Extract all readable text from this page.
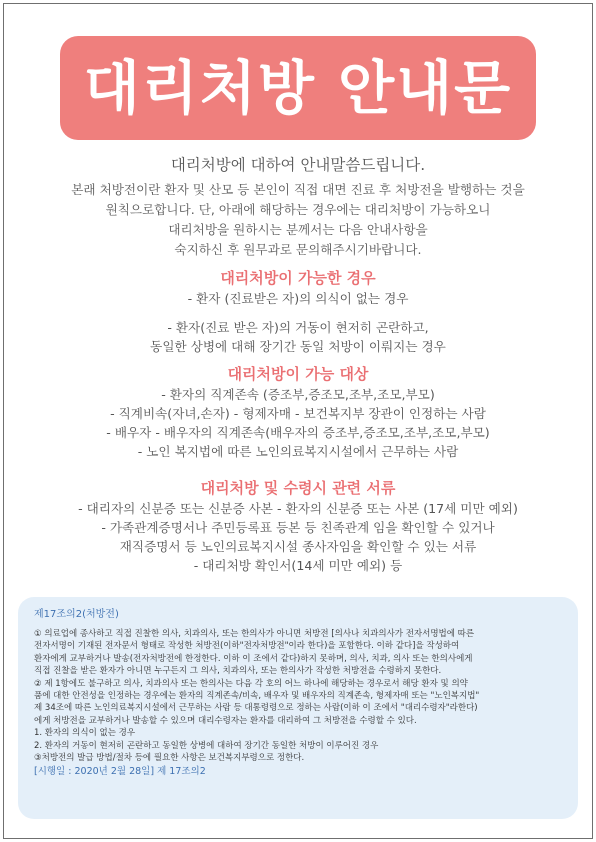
대리처방 안내문
대리처방에 대하여 안내말씀드립니다.
본래 처방전이란 환자 및 산모 등 본인이 직접 대면 진료 후 처방전을 발행하는 것을
원칙으로합니다. 단, 아래에 해당하는 경우에는 대리처방이 가능하오니
대리처방을 원하시는 분께서는 다음 안내사항을
숙지하신 후 원무과로 문의해주시기바랍니다.
대리처방이 가능한 경우
- 환자 (진료받은 자)의 의식이 없는 경우
- 환자(진료 받은 자)의 거동이 현저히 곤란하고,
동일한 상병에 대해 장기간 동일 처방이 이뤄지는 경우
대리처방이 가능 대상
- 환자의 직계존속 (증조부,증조모,조부,조모,부모)
- 직계비속(자녀,손자) - 형제자매 - 보건복지부 장관이 인정하는 사람
- 배우자 - 배우자의 직계존속(배우자의 증조부,증조모,조부,조모,부모)
- 노인 복지법에 따른 노인의료복지시설에서 근무하는 사람
대리처방 및 수령시 관련 서류
- 대리자의 신분증 또는 신분증 사본 - 환자의 신분증 또는 사본 (17세 미만 예외)
- 가족관계증명서나 주민등록표 등본 등 친족관계 임을 확인할 수 있거나
재직증명서 등 노인의료복지시설 종사자임을 확인할 수 있는 서류
- 대리처방 확인서(14세 미만 예외) 등
제17조의2(처방전)
① 의료업에 종사하고 직접 진찰한 의사, 치과의사, 또는 한의사가 아니면 처방전 [의사나 치과의사가 전자서명법에 따른
전자서명이 기재된 전자문서 형태로 작성한 처방전(이하"전자처방전"이라 한다)을 포함한다. 이하 같다]을 작성하여
환자에게 교부하거나 발송(전자처방전에 한정한다. 이하 이 조에서 같다)하지 못하며, 의사, 치과, 의사 또는 한의사에게
직접 진찰을 받은 환자가 아니면 누구든지 그 의사, 치과의사, 또는 한의사가 작성한 처방전을 수령하지 못한다.
② 제 1항에도 불구하고 의사, 치과의사 또는 한의사는 다음 각 호의 어느 하나에 해당하는 경우로서 해당 환자 및 의약
품에 대한 안전성을 인정하는 경우에는 환자의 직계존속/비속, 배우자 및 배우자의 직계존속, 형제자매 또는 "노인복지법"
제 34조에 따른 노인의료복지시설에서 근무하는 사람 등 대통령령으로 정하는 사람(이하 이 조에서 "대리수령자"라한다)
에게 처방전을 교부하거나 발송할 수 있으며 대리수령자는 환자를 대리하여 그 처방전을 수령할 수 있다.
1. 환자의 의식이 없는 경우
2. 환자의 거동이 현저히 곤란하고 동일한 상병에 대하여 장기간 동일한 처방이 이루어진 경우
③처방전의 발급 방법/절차 등에 필요한 사항은 보건복지부령으로 정한다.
[시행일 : 2020년 2월 28일] 제 17조의2
